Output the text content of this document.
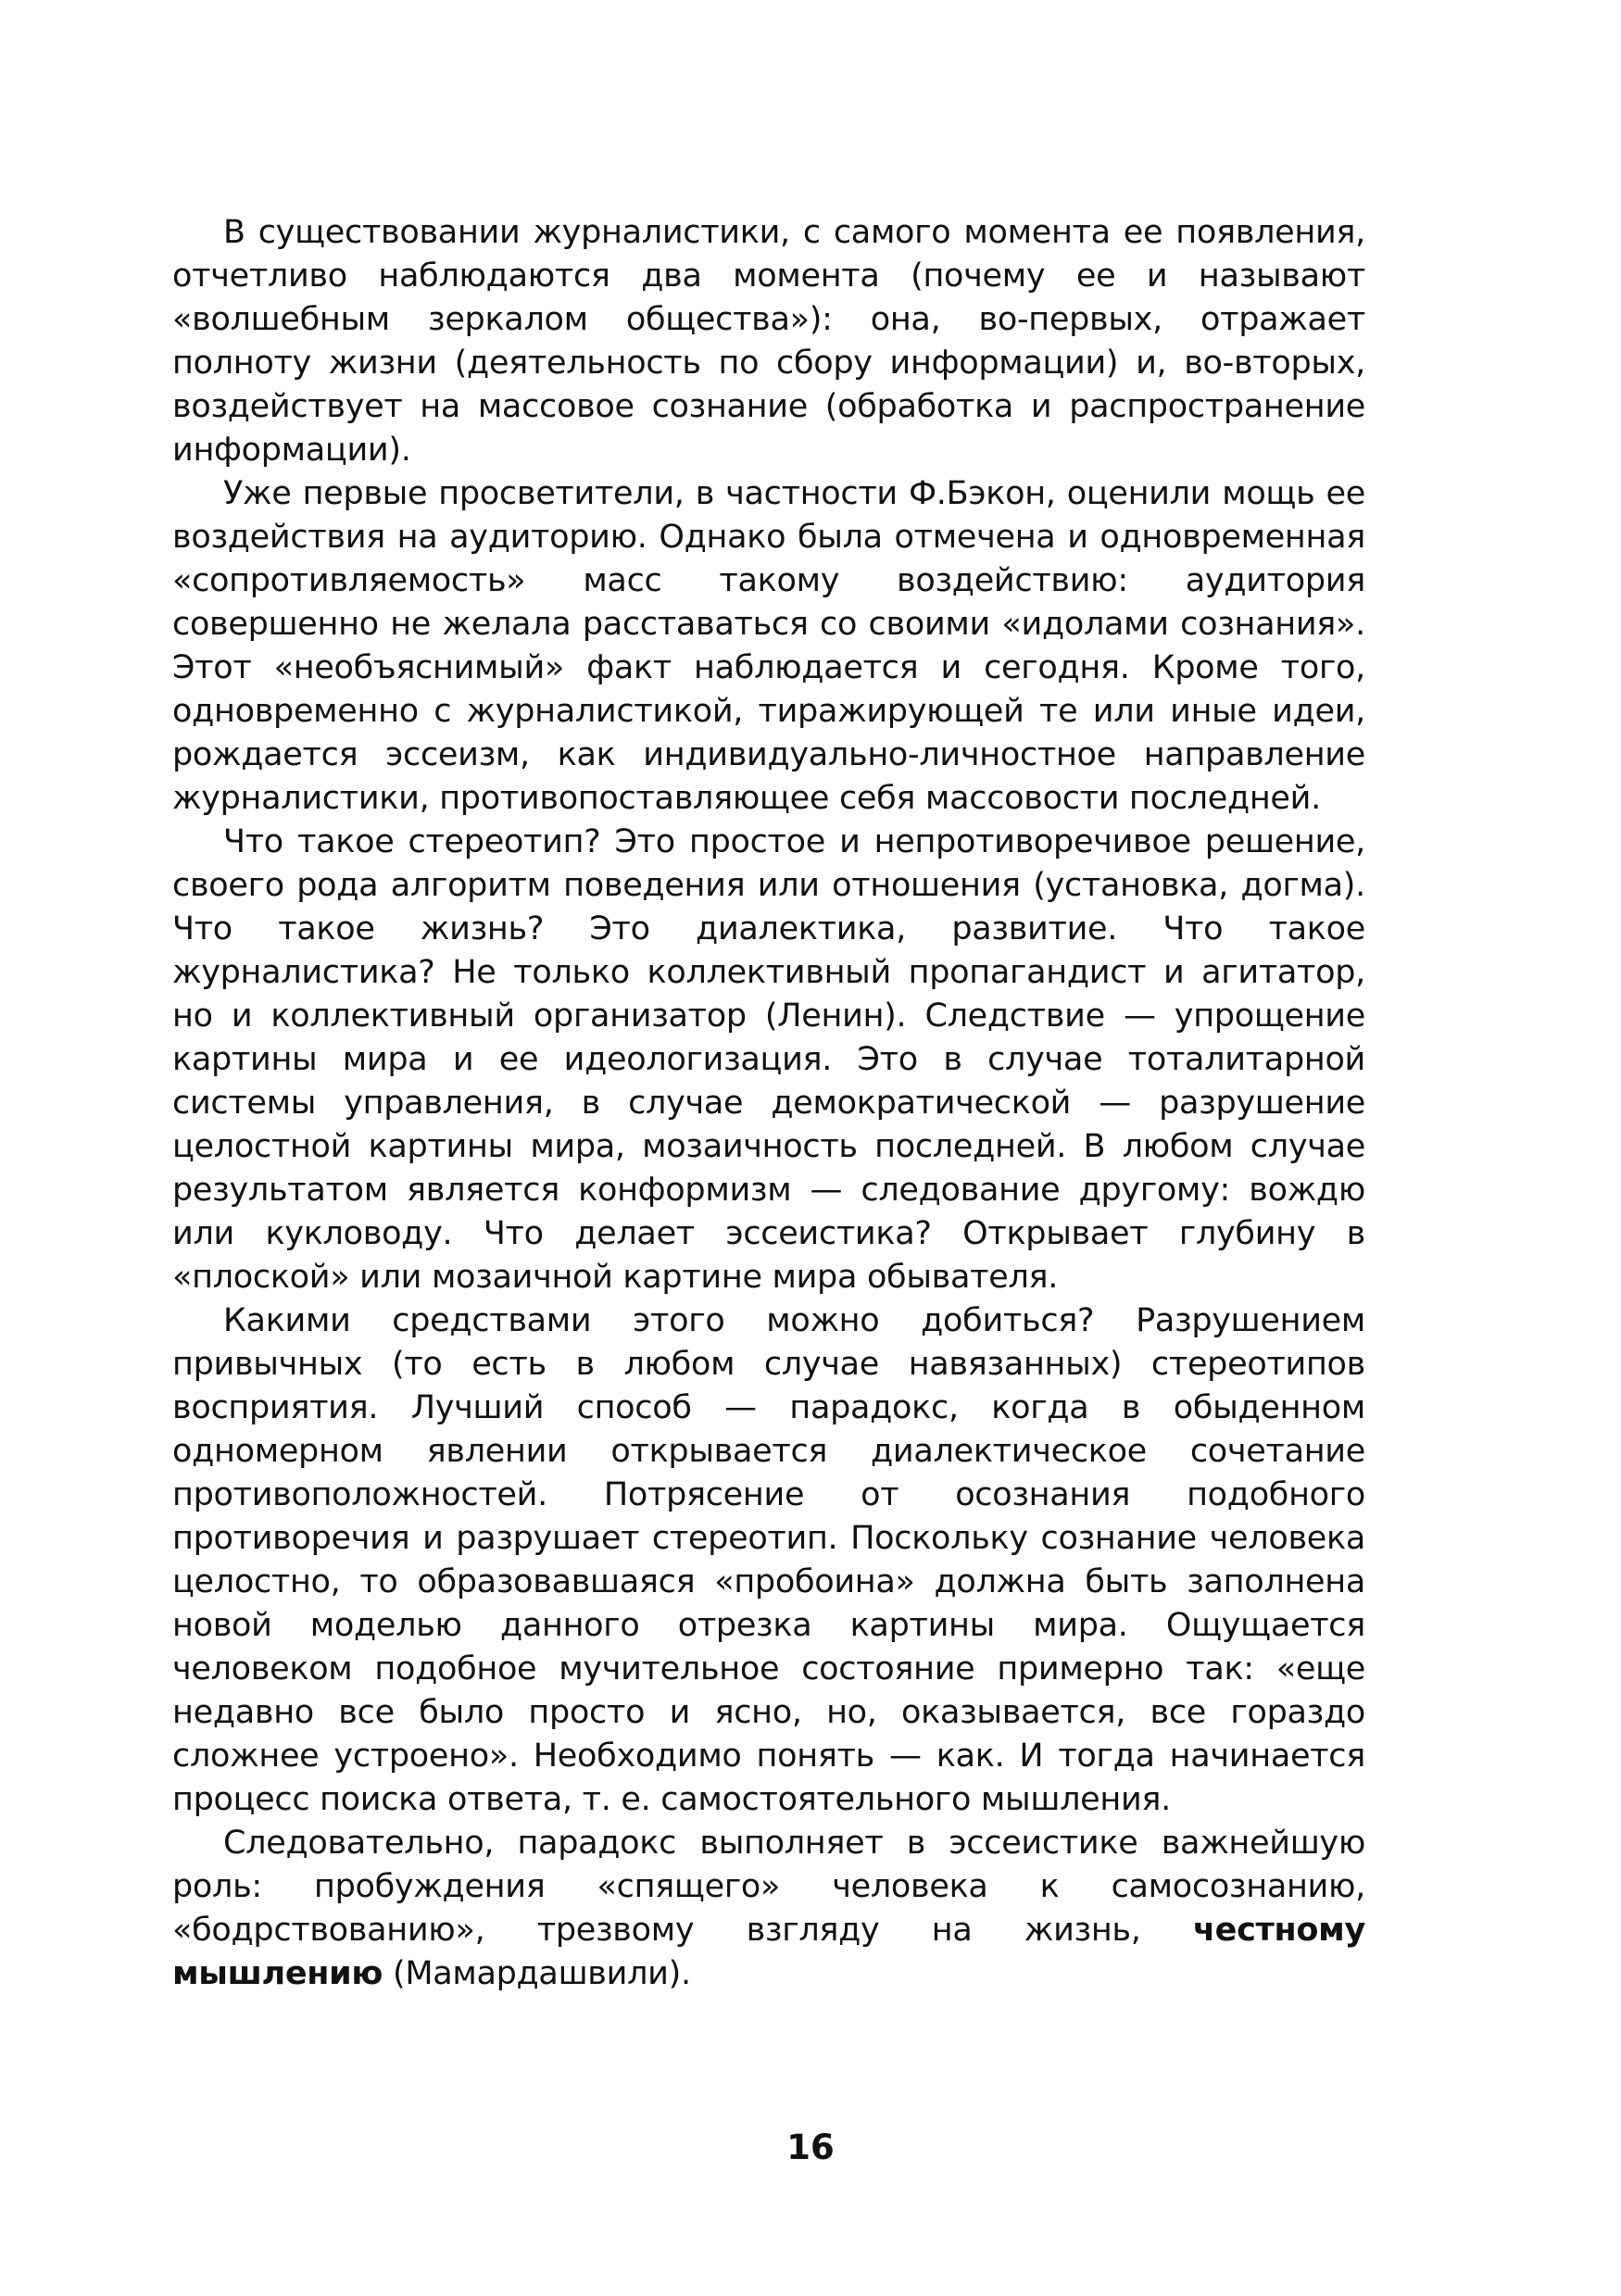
В существовании журналистики, с самого момента ее появления, отчетливо наблюдаются два момента (почему ее и называют «волшебным зеркалом общества»): она, во-первых, отражает полноту жизни (деятельность по сбору информации) и, во-вторых, воздействует на массовое сознание (обработка и распространение информации).

Уже первые просветители, в частности Ф.Бэкон, оценили мощь ее воздействия на аудиторию. Однако была отмечена и одновременная «сопротивляемость» масс такому воздействию: аудитория совершенно не желала расставаться со своими «идолами сознания». Этот «необъяснимый» факт наблюдается и сегодня. Кроме того, одновременно с журналистикой, тиражирующей те или иные идеи, рождается эссеизм, как индивидуально-личностное направление журналистики, противопоставляющее себя массовости последней.

Что такое стереотип? Это простое и непротиворечивое решение, своего рода алгоритм поведения или отношения (установка, догма). Что такое жизнь? Это диалектика, развитие. Что такое журналистика? Не только коллективный пропагандист и агитатор, но и коллективный организатор (Ленин). Следствие — упрощение картины мира и ее идеологизация. Это в случае тоталитарной системы управления, в случае демократической — разрушение целостной картины мира, мозаичность последней. В любом случае результатом является конформизм — следование другому: вождю или кукловоду. Что делает эссеистика? Открывает глубину в «плоской» или мозаичной картине мира обывателя.

Какими средствами этого можно добиться? Разрушением привычных (то есть в любом случае навязанных) стереотипов восприятия. Лучший способ — парадокс, когда в обыденном одномерном явлении открывается диалектическое сочетание противоположностей. Потрясение от осознания подобного противоречия и разрушает стереотип. Поскольку сознание человека целостно, то образовавшаяся «пробоина» должна быть заполнена новой моделью данного отрезка картины мира. Ощущается человеком подобное мучительное состояние примерно так: «еще недавно все было просто и ясно, но, оказывается, все гораздо сложнее устроено». Необходимо понять — как. И тогда начинается процесс поиска ответа, т. е. самостоятельного мышления.

Следовательно, парадокс выполняет в эссеистике важнейшую роль: пробуждения «спящего» человека к самосознанию, «бодрствованию», трезвому взгляду на жизнь, честному мышлению (Мамардашвили).

16
